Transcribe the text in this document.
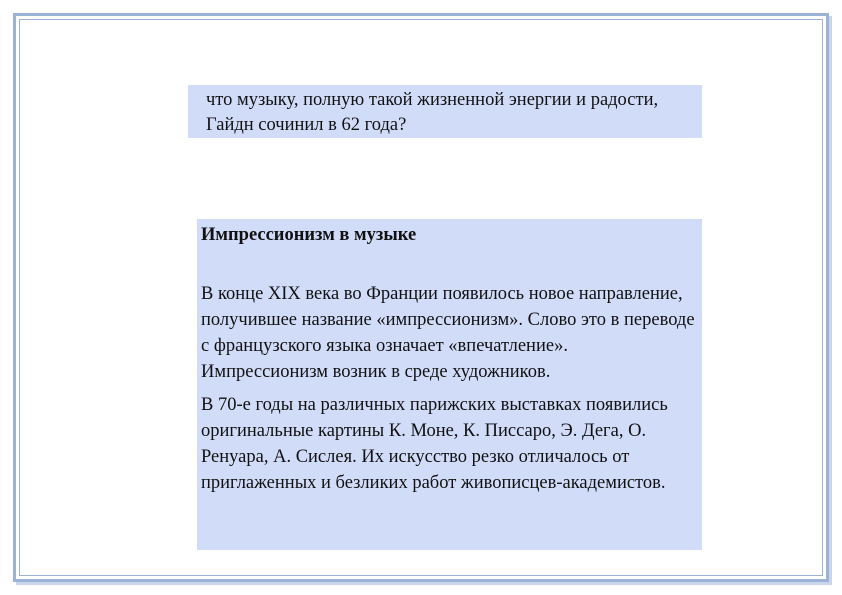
что музыку, полную такой жизненной энергии и радости, Гайдн сочинил в 62 года?

Импрессионизм в музыке

В конце XIX века во Франции появилось новое направление, получившее название «импрессионизм». Слово это в переводе с французского языка означает «впечатление». Импрессионизм возник в среде художников.

В 70-е годы на различных парижских выставках появились оригинальные картины К. Моне, К. Писсаро, Э. Дега, О. Ренуара, А. Сислея. Их искусство резко отличалось от приглаженных и безликих работ живописцев-академистов.
